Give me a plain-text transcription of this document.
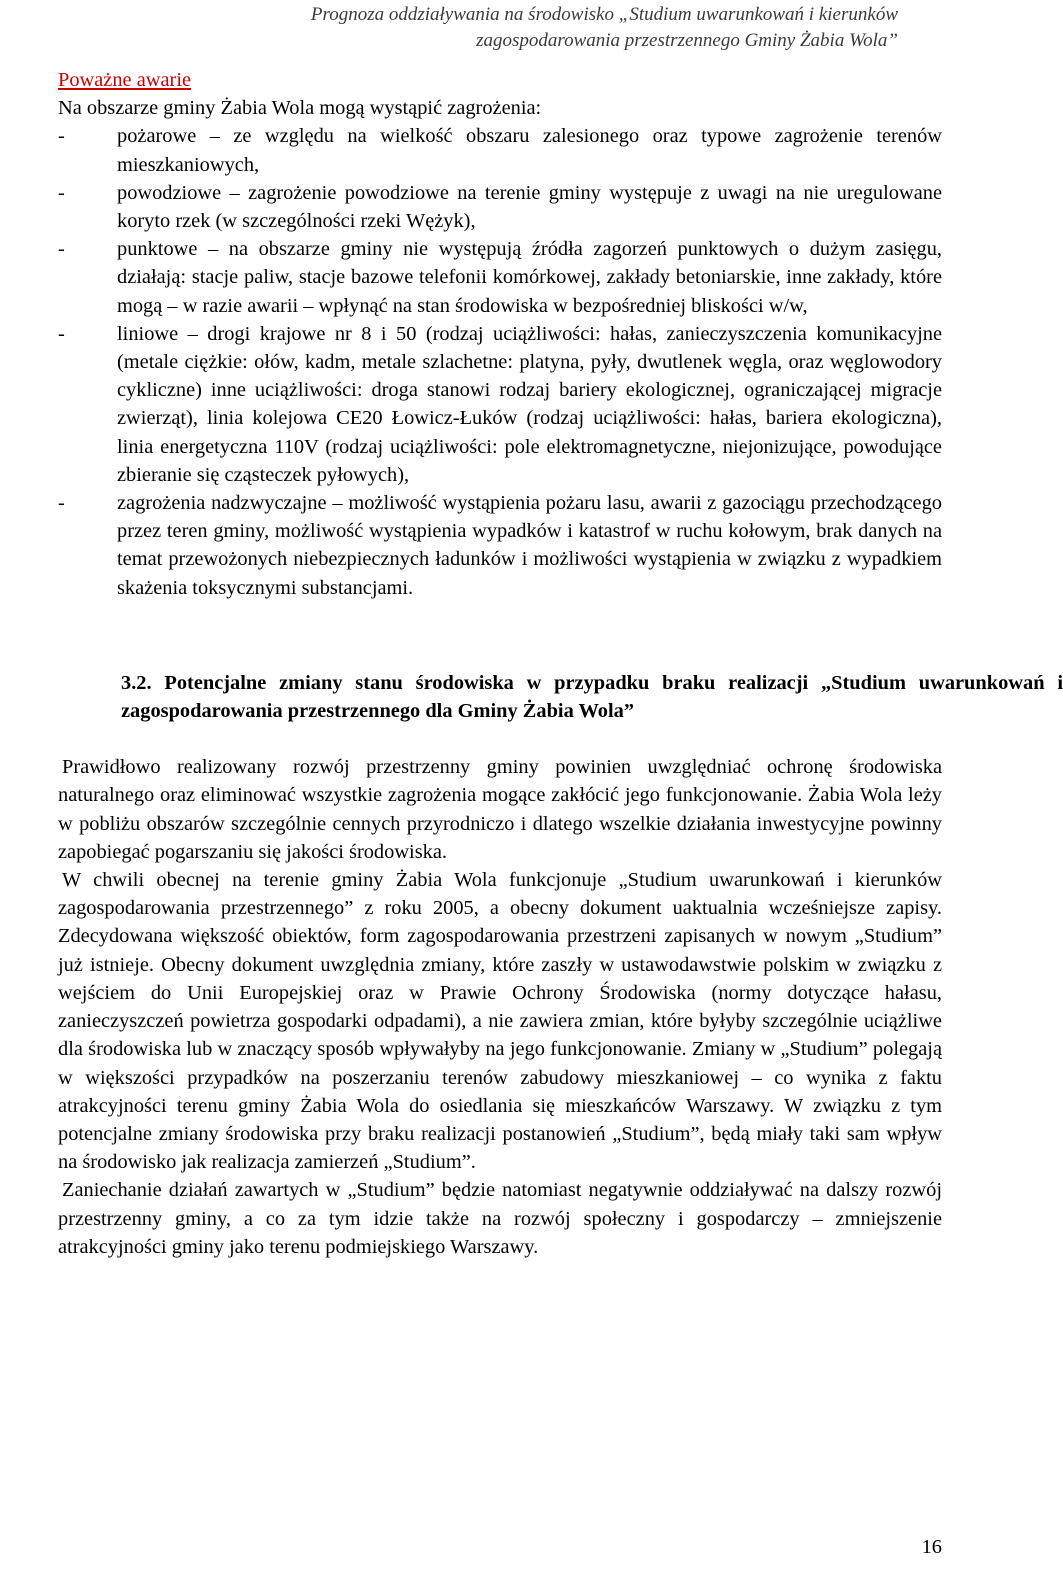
Prognoza oddziaływania na środowisko „Studium uwarunkowań i kierunków
zagospodarowania przestrzennego Gminy Żabia Wola”

Poważne awarie

Na obszarze gminy Żabia Wola mogą wystąpić zagrożenia:

- pożarowe – ze względu na wielkość obszaru zalesionego oraz typowe zagrożenie terenów mieszkaniowych,
- powodziowe – zagrożenie powodziowe na terenie gminy występuje z uwagi na nie uregulowane koryto rzek (w szczególności rzeki Wężyk),
- punktowe – na obszarze gminy nie występują źródła zagorzeń punktowych o dużym zasięgu, działają: stacje paliw, stacje bazowe telefonii komórkowej, zakłady betoniarskie, inne zakłady, które mogą – w razie awarii – wpłynąć na stan środowiska w bezpośredniej bliskości w/w,
- liniowe – drogi krajowe nr 8 i 50 (rodzaj uciążliwości: hałas, zanieczyszczenia komunikacyjne (metale ciężkie: ołów, kadm, metale szlachetne: platyna, pyły, dwutlenek węgla, oraz węglowodory cykliczne) inne uciążliwości: droga stanowi rodzaj bariery ekologicznej, ograniczającej migracje zwierząt), linia kolejowa CE20 Łowicz-Łuków (rodzaj uciążliwości: hałas, bariera ekologiczna), linia energetyczna 110V (rodzaj uciążliwości: pole elektromagnetyczne, niejonizujące, powodujące zbieranie się cząsteczek pyłowych),
- zagrożenia nadzwyczajne – możliwość wystąpienia pożaru lasu, awarii z gazociągu przechodzącego przez teren gminy, możliwość wystąpienia wypadków i katastrof w ruchu kołowym, brak danych na temat przewożonych niebezpiecznych ładunków i możliwości wystąpienia w związku z wypadkiem skażenia toksycznymi substancjami.

3.2. Potencjalne zmiany stanu środowiska w przypadku braku realizacji „Studium uwarunkowań i zagospodarowania przestrzennego dla Gminy Żabia Wola”

Prawidłowo realizowany rozwój przestrzenny gminy powinien uwzględniać ochronę środowiska naturalnego oraz eliminować wszystkie zagrożenia mogące zakłócić jego funkcjonowanie. Żabia Wola leży w pobliżu obszarów szczególnie cennych przyrodniczo i dlatego wszelkie działania inwestycyjne powinny zapobiegać pogarszaniu się jakości środowiska.

W chwili obecnej na terenie gminy Żabia Wola funkcjonuje „Studium uwarunkowań i kierunków zagospodarowania przestrzennego” z roku 2005, a obecny dokument uaktualnia wcześniejsze zapisy. Zdecydowana większość obiektów, form zagospodarowania przestrzeni zapisanych w nowym „Studium” już istnieje. Obecny dokument uwzględnia zmiany, które zaszły w ustawodawstwie polskim w związku z wejściem do Unii Europejskiej oraz w Prawie Ochrony Środowiska (normy dotyczące hałasu, zanieczyszczeń powietrza gospodarki odpadami), a nie zawiera zmian, które byłyby szczególnie uciążliwe dla środowiska lub w znaczący sposób wpływałyby na jego funkcjonowanie. Zmiany w „Studium” polegają w większości przypadków na poszerzaniu terenów zabudowy mieszkaniowej – co wynika z faktu atrakcyjności terenu gminy Żabia Wola do osiedlania się mieszkańców Warszawy. W związku z tym potencjalne zmiany środowiska przy braku realizacji postanowień „Studium”, będą miały taki sam wpływ na środowisko jak realizacja zamierzeń „Studium”.

Zaniechanie działań zawartych w „Studium” będzie natomiast negatywnie oddziaływać na dalszy rozwój przestrzenny gminy, a co za tym idzie także na rozwój społeczny i gospodarczy – zmniejszenie atrakcyjności gminy jako terenu podmiejskiego Warszawy.

16
